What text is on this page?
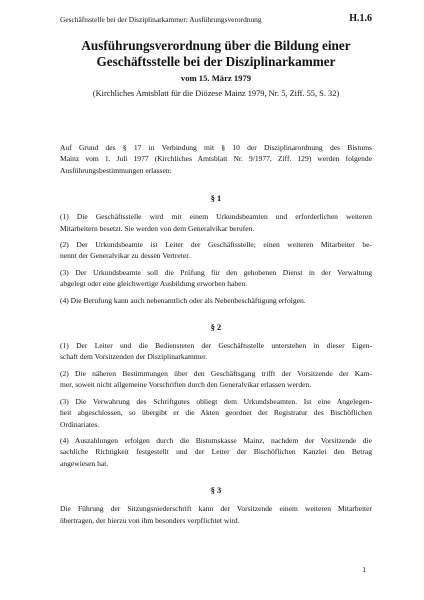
Geschäftsstelle bei der Disziplinarkammer: Ausführungsverordnung	H.1.6
Ausführungsverordnung über die Bildung einer
Geschäftsstelle bei der Disziplinarkammer
vom 15. März 1979
(Kirchliches Amtsblatt für die Diözese Mainz 1979, Nr. 5, Ziff. 55, S. 32)
Auf Grund des § 17 in Verbindung mit § 10 der Disziplinarordnung des Bistums
Mainz vom 1. Juli 1977 (Kirchliches Amtsblatt Nr. 9/1977, Ziff. 129) werden folgende
Ausführungsbestimmungen erlassen:
§ 1
(1) Die Geschäftsstelle wird mit einem Urkundsbeamten und erforderlichen weiteren
Mitarbeitern besetzt. Sie werden von dem Generalvikar berufen.
(2) Der Urkundsbeamte ist Leiter der Geschäftsstelle; einen weiteren Mitarbeiter be-
nennt der Generalvikar zu dessen Vertreter.
(3) Der Urkundsbeamte soll die Prüfung für den gehobenen Dienst in der Verwaltung
abgelegt oder eine gleichwertige Ausbildung erworben haben.
(4) Die Berufung kann auch nebenamtlich oder als Nebenbeschäftigung erfolgen.
§ 2
(1) Der Leiter und die Bediensteten der Geschäftsstelle unterstehen in dieser Eigen-
schaft dem Vorsitzenden der Disziplinarkammer.
(2) Die näheren Bestimmungen über den Geschäftsgang trifft der Vorsitzende der Kam-
mer, soweit nicht allgemeine Vorschriften durch den Generalvikar erlassen werden.
(3) Die Verwahrung des Schriftgutes obliegt dem Urkundsbeamten. Ist eine Angelegen-
heit abgeschlossen, so übergibt er die Akten geordnet der Registratur des Bischöflichen
Ordinariates.
(4) Auszahlungen erfolgen durch die Bistumskasse Mainz, nachdem der Vorsitzende die
sachliche Richtigkeit festgestellt und der Leiter der Bischöflichen Kanzlei den Betrag
angewiesen hat.
§ 3
Die Führung der Sitzungsniederschrift kann der Vorsitzende einem weiteren Mitarbeiter
übertragen, der hierzu von ihm besonders verpflichtet wird.
1
